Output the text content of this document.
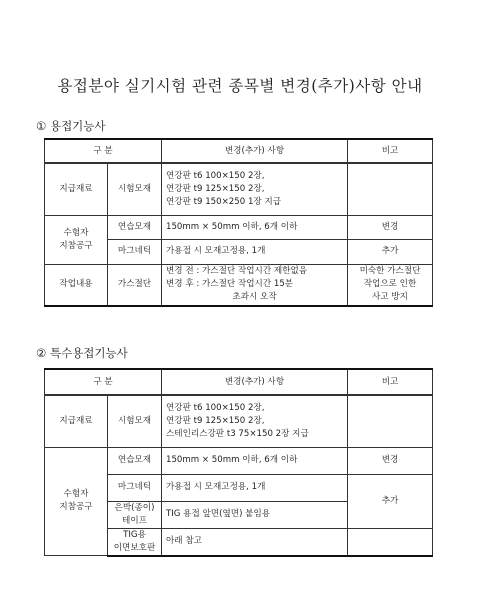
용접분야 실기시험 관련 종목별 변경(추가)사항 안내
① 용접기능사
구 분		변경(추가) 사항	비고
지급재료	시험모재	연강판 t6 100×150 2장,
연강판 t9 125×150 2장,
연강판 t9 150×250 1장 지급	

수험자
지참공구	연습모재	150mm × 50mm 이하, 6개 이하	변경
	마그네틱	가용접 시 모재고정용, 1개	추가
작업내용	가스절단	변경 전 : 가스절단 작업시간 제한없음
변경 후 : 가스절단 작업시간 15분
초과시 오작	미숙한 가스절단
작업으로 인한
사고 방지
② 특수용접기능사
구 분		변경(추가) 사항	비고
지급재료	시험모재	연강판 t6 100×150 2장,
연강판 t9 125×150 2장,
스테인리스강판 t3 75×150 2장 지급	

수험자
지참공구	연습모재	150mm × 50mm 이하, 6개 이하	변경
	마그네틱	가용접 시 모재고정용, 1개	추가

	은박(종이)
테이프	TIG 용접 앞면(옆면) 붙임용	

	TIG용
이면보호판	아래 참고	
